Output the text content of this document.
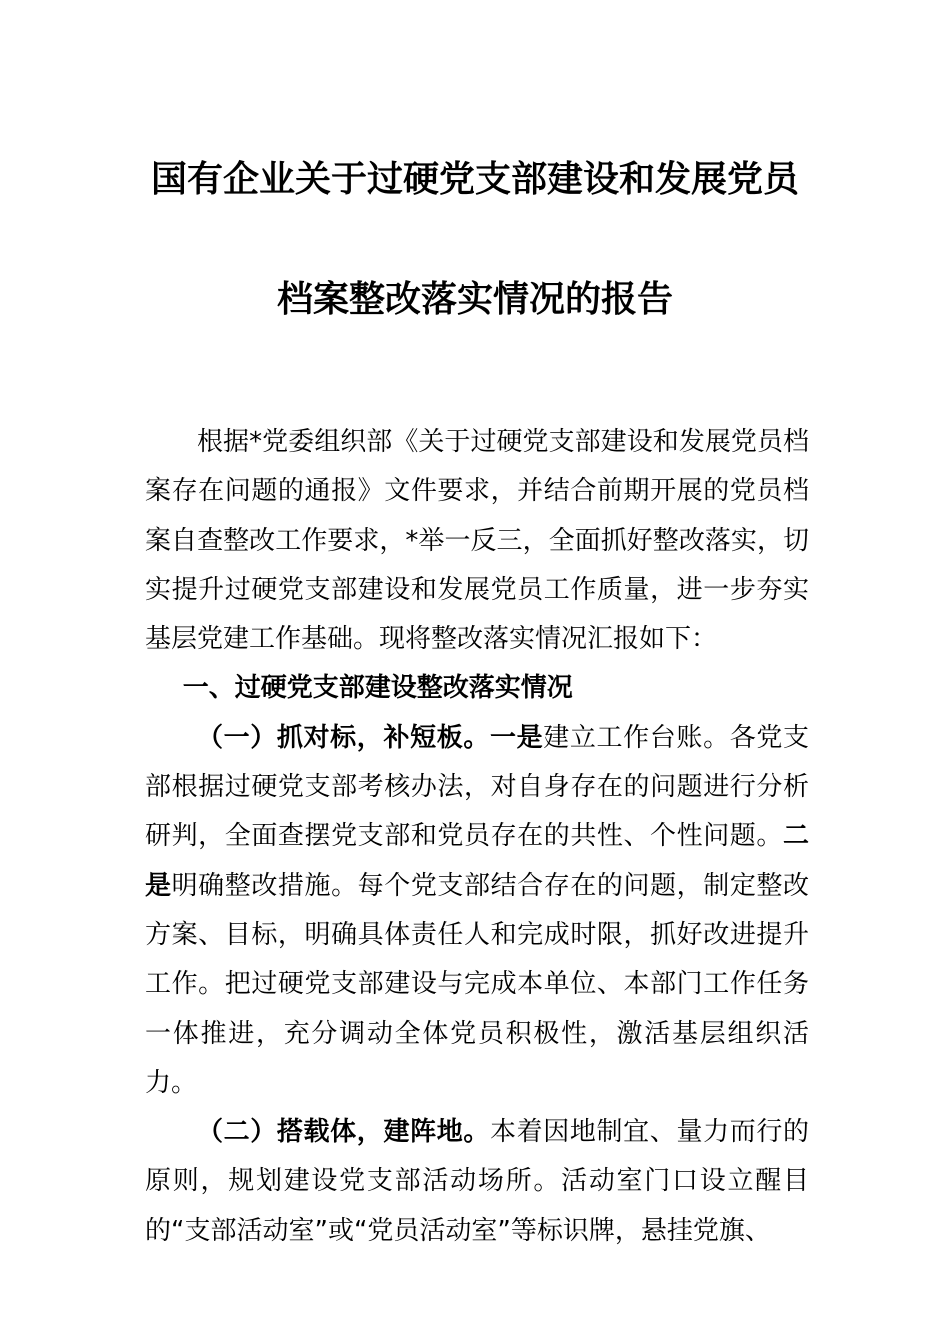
国有企业关于过硬党支部建设和发展党员
档案整改落实情况的报告

根据*党委组织部《关于过硬党支部建设和发展党员档案存在问题的通报》文件要求，并结合前期开展的党员档案自查整改工作要求，*举一反三，全面抓好整改落实，切实提升过硬党支部建设和发展党员工作质量，进一步夯实基层党建工作基础。现将整改落实情况汇报如下：

一、过硬党支部建设整改落实情况

（一）抓对标，补短板。一是建立工作台账。各党支部根据过硬党支部考核办法，对自身存在的问题进行分析研判，全面查摆党支部和党员存在的共性、个性问题。二是明确整改措施。每个党支部结合存在的问题，制定整改方案、目标，明确具体责任人和完成时限，抓好改进提升工作。把过硬党支部建设与完成本单位、本部门工作任务一体推进，充分调动全体党员积极性，激活基层组织活力。

（二）搭载体，建阵地。本着因地制宜、量力而行的原则，规划建设党支部活动场所。活动室门口设立醒目的“支部活动室”或“党员活动室”等标识牌，悬挂党旗、
